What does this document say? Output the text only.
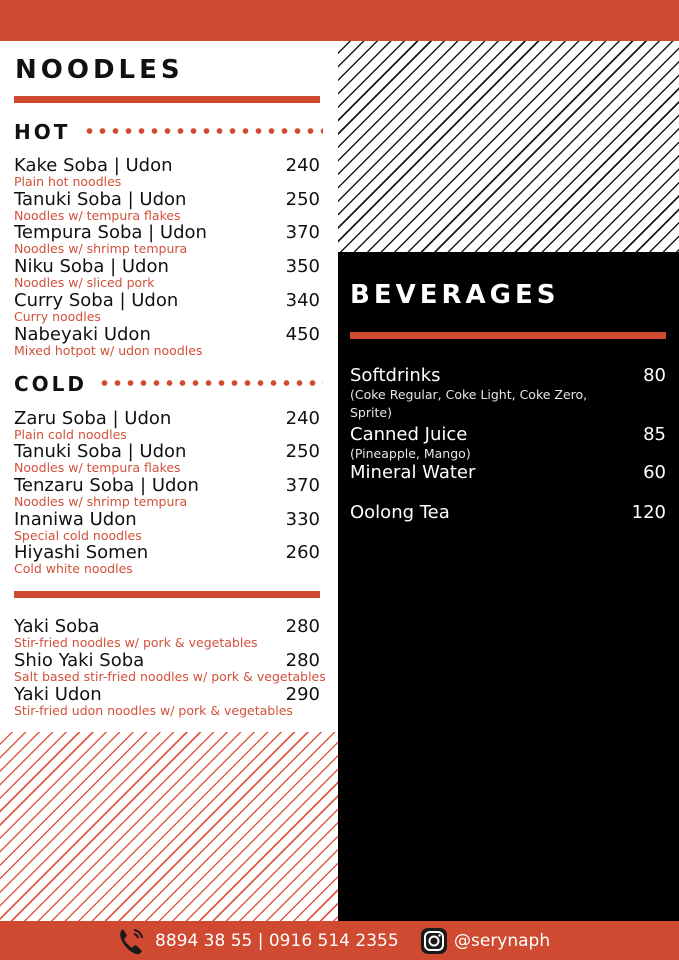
NOODLES
HOT
Kake Soba | Udon	240
Plain hot noodles
Tanuki Soba | Udon	250
Noodles w/ tempura flakes
Tempura Soba | Udon	370
Noodles w/ shrimp tempura
Niku Soba | Udon	350
Noodles w/ sliced pork
Curry Soba | Udon	340
Curry noodles
Nabeyaki Udon	450
Mixed hotpot w/ udon noodles
COLD
Zaru Soba | Udon	240
Plain cold noodles
Tanuki Soba | Udon	250
Noodles w/ tempura flakes
Tenzaru Soba | Udon	370
Noodles w/ shrimp tempura
Inaniwa Udon	330
Special cold noodles
Hiyashi Somen	260
Cold white noodles
Yaki Soba	280
Stir-fried noodles w/ pork & vegetables
Shio Yaki Soba	280
Salt based stir-fried noodles w/ pork & vegetables
Yaki Udon	290
Stir-fried udon noodles w/ pork & vegetables
BEVERAGES
Softdrinks	80
(Coke Regular, Coke Light, Coke Zero, Sprite)
Canned Juice	85
(Pineapple, Mango)
Mineral Water	60
Oolong Tea	120
8894 38 55 | 0916 514 2355	@serynaph
